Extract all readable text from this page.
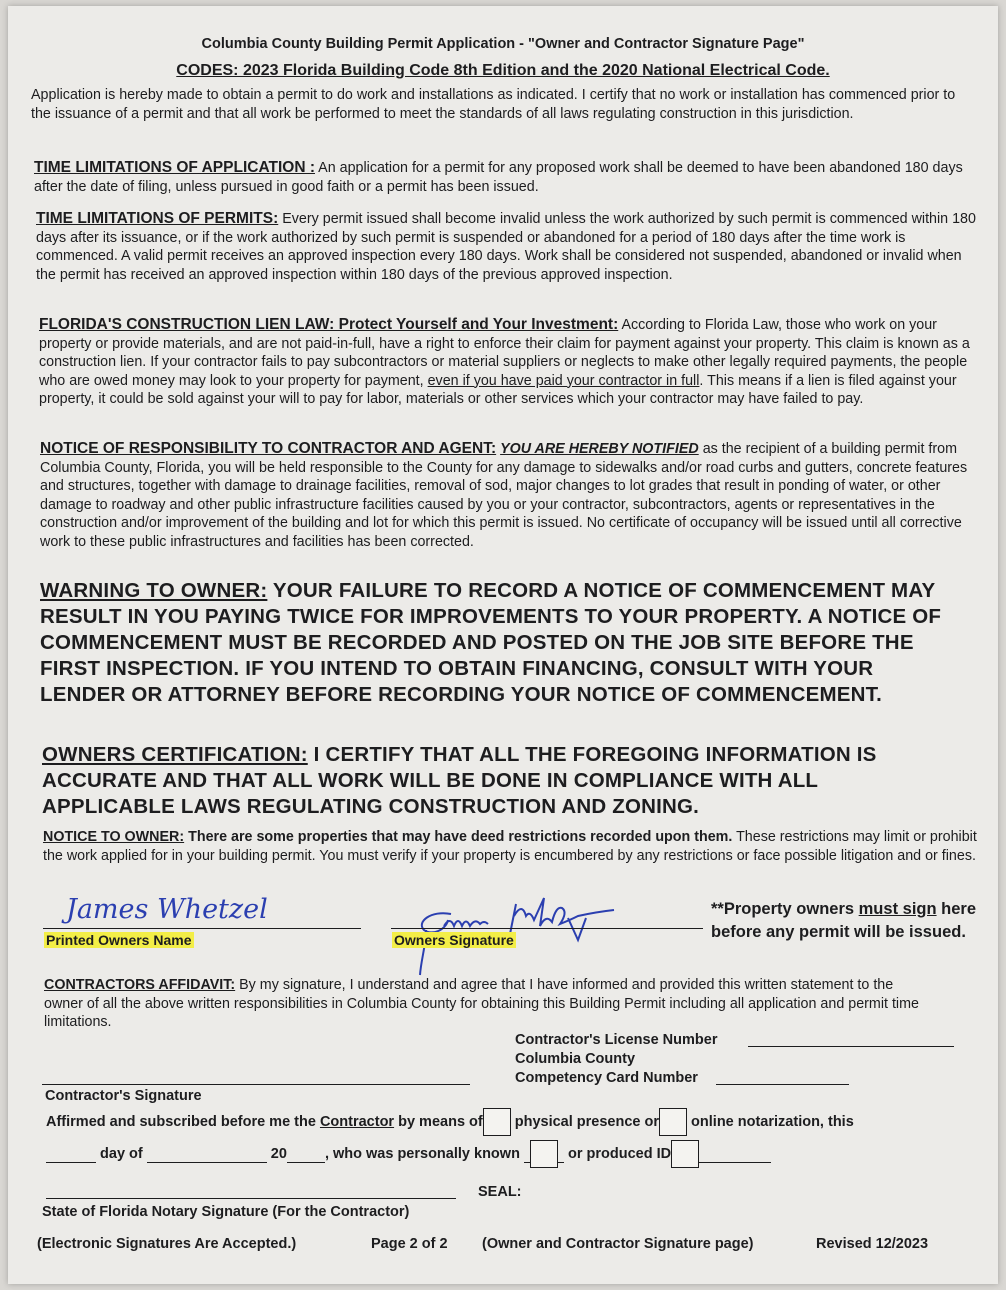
Columbia County Building Permit Application - "Owner and Contractor Signature Page"
CODES: 2023 Florida Building Code 8th Edition and the 2020 National Electrical Code.
Application is hereby made to obtain a permit to do work and installations as indicated. I certify that no work or installation has commenced prior to the issuance of a permit and that all work be performed to meet the standards of all laws regulating construction in this jurisdiction.
TIME LIMITATIONS OF APPLICATION : An application for a permit for any proposed work shall be deemed to have been abandoned 180 days after the date of filing, unless pursued in good faith or a permit has been issued.
TIME LIMITATIONS OF PERMITS: Every permit issued shall become invalid unless the work authorized by such permit is commenced within 180 days after its issuance, or if the work authorized by such permit is suspended or abandoned for a period of 180 days after the time work is commenced. A valid permit receives an approved inspection every 180 days. Work shall be considered not suspended, abandoned or invalid when the permit has received an approved inspection within 180 days of the previous approved inspection.
FLORIDA'S CONSTRUCTION LIEN LAW: Protect Yourself and Your Investment: According to Florida Law, those who work on your property or provide materials, and are not paid-in-full, have a right to enforce their claim for payment against your property. This claim is known as a construction lien. If your contractor fails to pay subcontractors or material suppliers or neglects to make other legally required payments, the people who are owed money may look to your property for payment, even if you have paid your contractor in full. This means if a lien is filed against your property, it could be sold against your will to pay for labor, materials or other services which your contractor may have failed to pay.
NOTICE OF RESPONSIBILITY TO CONTRACTOR AND AGENT: YOU ARE HEREBY NOTIFIED as the recipient of a building permit from Columbia County, Florida, you will be held responsible to the County for any damage to sidewalks and/or road curbs and gutters, concrete features and structures, together with damage to drainage facilities, removal of sod, major changes to lot grades that result in ponding of water, or other damage to roadway and other public infrastructure facilities caused by you or your contractor, subcontractors, agents or representatives in the construction and/or improvement of the building and lot for which this permit is issued. No certificate of occupancy will be issued until all corrective work to these public infrastructures and facilities has been corrected.
WARNING TO OWNER: YOUR FAILURE TO RECORD A NOTICE OF COMMENCEMENT MAY RESULT IN YOU PAYING TWICE FOR IMPROVEMENTS TO YOUR PROPERTY. A NOTICE OF COMMENCEMENT MUST BE RECORDED AND POSTED ON THE JOB SITE BEFORE THE FIRST INSPECTION. IF YOU INTEND TO OBTAIN FINANCING, CONSULT WITH YOUR LENDER OR ATTORNEY BEFORE RECORDING YOUR NOTICE OF COMMENCEMENT.
OWNERS CERTIFICATION: I CERTIFY THAT ALL THE FOREGOING INFORMATION IS ACCURATE AND THAT ALL WORK WILL BE DONE IN COMPLIANCE WITH ALL APPLICABLE LAWS REGULATING CONSTRUCTION AND ZONING.
NOTICE TO OWNER: There are some properties that may have deed restrictions recorded upon them. These restrictions may limit or prohibit the work applied for in your building permit. You must verify if your property is encumbered by any restrictions or face possible litigation and or fines.
James Whetzel
Printed Owners Name	Owners Signature
**Property owners must sign here before any permit will be issued.
CONTRACTORS AFFIDAVIT: By my signature, I understand and agree that I have informed and provided this written statement to the owner of all the above written responsibilities in Columbia County for obtaining this Building Permit including all application and permit time limitations.
Contractor's License Number
Columbia County
Competency Card Number
Contractor's Signature
Affirmed and subscribed before me the Contractor by means of physical presence or online notarization, this
day of	20	, who was personally known	or produced ID
SEAL:
State of Florida Notary Signature (For the Contractor)
(Electronic Signatures Are Accepted.)	Page 2 of 2 (Owner and Contractor Signature page)	Revised 12/2023
